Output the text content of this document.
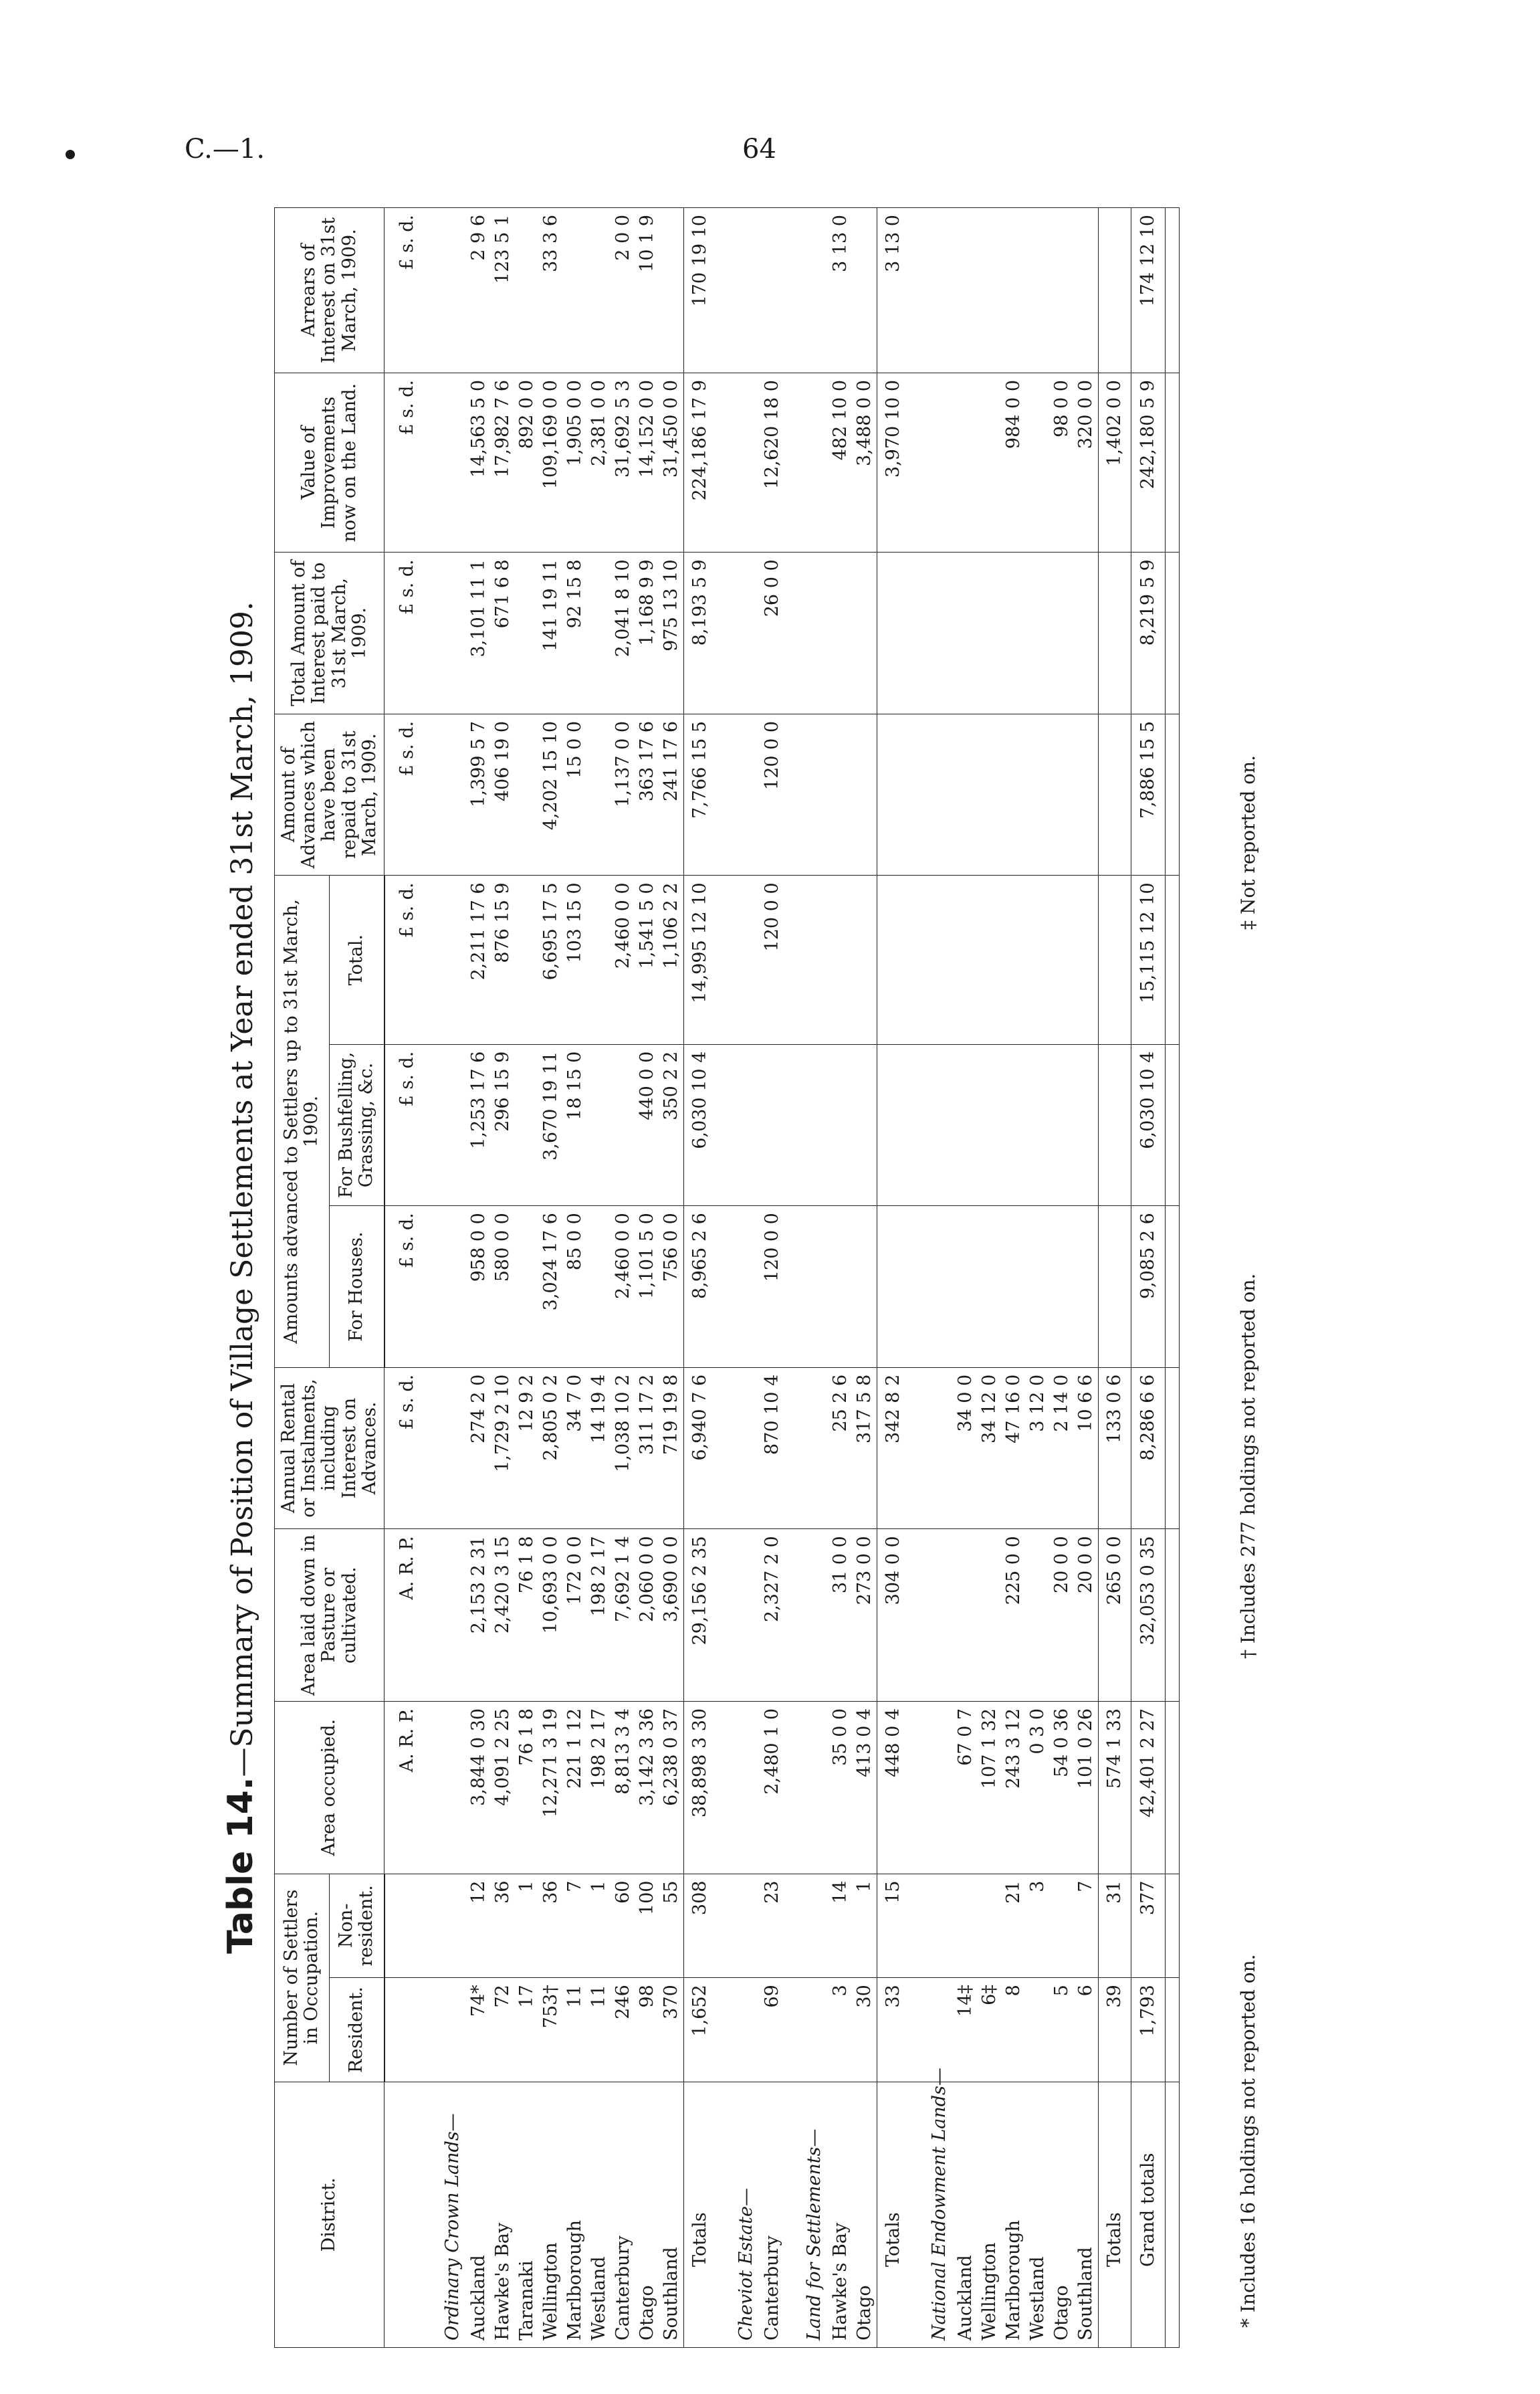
C.—1.	64
Table 14.—Summary of Position of Village Settlements at Year ended 31st March, 1909.
District.	Number of Settlers in Occupation.		Area occupied.	Area laid down in Pasture or cultivated.	Annual Rental or Instalments, including Interest on Advances.	Amounts advanced to Settlers up to 31st March, 1909.			Amount of Advances which have been repaid to 31st March, 1909.	Total Amount of Interest paid to 31st March, 1909.	Value of Improvements now on the Land.	Arrears of Interest on 31st March, 1909.
	Resident.	Non-resident.				For Houses.	For Bushfelling, Grassing, &c.	Total.				
			A. R. P.	A. R. P.	£ s. d.	£ s. d.	£ s. d.	£ s. d.	£ s. d.	£ s. d.	£ s. d.	£ s. d.

Ordinary Crown Lands—												
Auckland	74*	12	3,844 0 30	2,153 2 31	274 2 0	958 0 0	1,253 17 6	2,211 17 6	1,399 5 7	3,101 11 1	14,563 5 0	2 9 6
Hawke's Bay	72	36	4,091 2 25	2,420 3 15	1,729 2 10	580 0 0	296 15 9	876 15 9	406 19 0	671 6 8	17,982 7 6	123 5 1
Taranaki	17	1	76 1 8	76 1 8	12 9 2						892 0 0	
Wellington	753†	36	12,271 3 19	10,693 0 0	2,805 0 2	3,024 17 6	3,670 19 11	6,695 17 5	4,202 15 10	141 19 11	109,169 0 0	33 3 6
Marlborough	11	7	221 1 12	172 0 0	34 7 0	85 0 0	18 15 0	103 15 0	15 0 0	92 15 8	1,905 0 0	
Westland	11	1	198 2 17	198 2 17	14 19 4						2,381 0 0	
Canterbury	246	60	8,813 3 4	7,692 1 4	1,038 10 2	2,460 0 0		2,460 0 0	1,137 0 0	2,041 8 10	31,692 5 3	2 0 0
Otago	98	100	3,142 3 36	2,060 0 0	311 17 2	1,101 5 0	440 0 0	1,541 5 0	363 17 6	1,168 9 9	14,152 0 0	10 1 9
Southland	370	55	6,238 0 37	3,690 0 0	719 19 8	756 0 0	350 2 2	1,106 2 2	241 17 6	975 13 10	31,450 0 0	
Totals	1,652	308	38,898 3 30	29,156 2 35	6,940 7 6	8,965 2 6	6,030 10 4	14,995 12 10	7,766 15 5	8,193 5 9	224,186 17 9	170 19 10

Cheviot Estate—												
Canterbury	69	23	2,480 1 0	2,327 2 0	870 10 4	120 0 0		120 0 0	120 0 0	26 0 0	12,620 18 0	

Land for Settlements—												
Hawke's Bay	3	14	35 0 0	31 0 0	25 2 6						482 10 0	3 13 0
Otago	30	1	413 0 4	273 0 0	317 5 8						3,488 0 0	
Totals	33	15	448 0 4	304 0 0	342 8 2						3,970 10 0	3 13 0

National Endowment Lands—												
Auckland	14‡		67 0 7		34 0 0							
Wellington	6‡		107 1 32		34 12 0							
Marlborough	8	21	243 3 12	225 0 0	47 16 0						984 0 0	
Westland		3	0 3 0		3 12 0							
Otago	5		54 0 36	20 0 0	2 14 0						98 0 0	
Southland	6	7	101 0 26	20 0 0	10 6 6						320 0 0	
Totals	39	31	574 1 33	265 0 0	133 0 6						1,402 0 0	
Grand totals	1,793	377	42,401 2 27	32,053 0 35	8,286 6 6	9,085 2 6	6,030 10 4	15,115 12 10	7,886 15 5	8,219 5 9	242,180 5 9	174 12 10

* Includes 16 holdings not reported on.
† Includes 277 holdings not reported on.
‡ Not reported on.
